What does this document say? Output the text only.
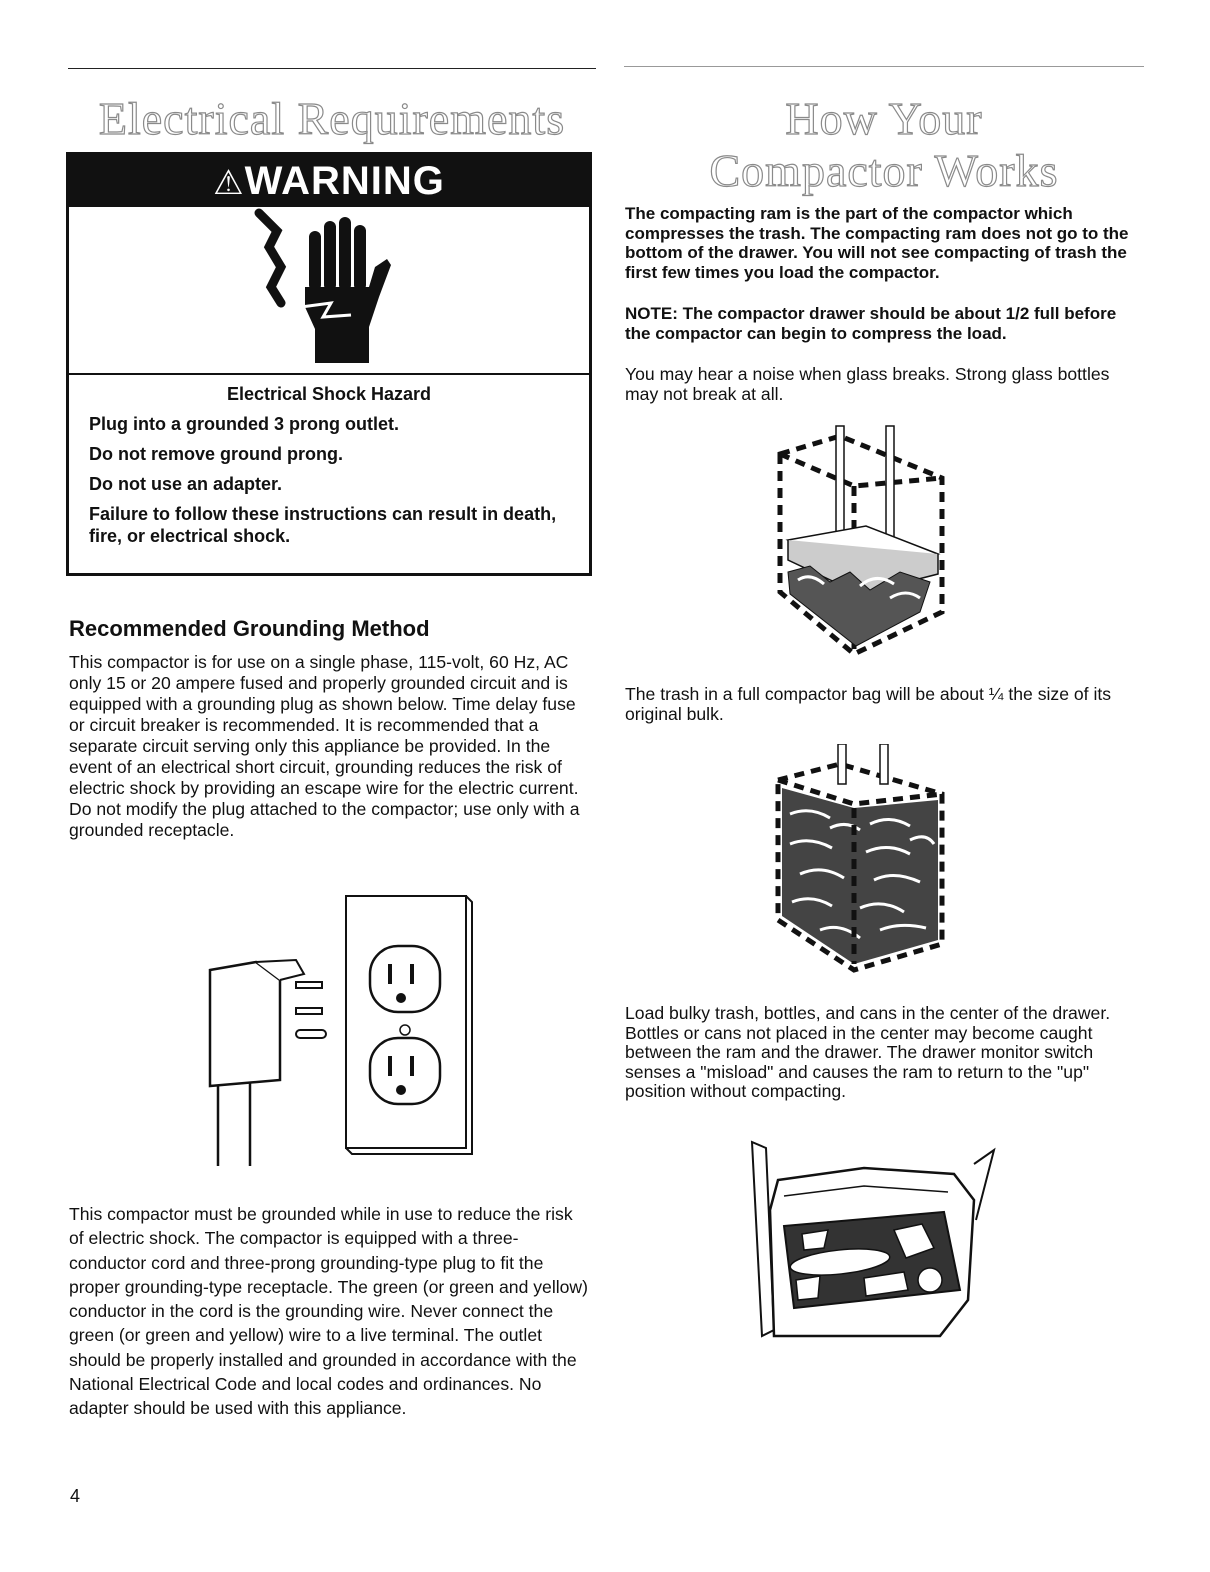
Electrical Requirements
⚠WARNING

Electrical Shock Hazard

Plug into a grounded 3 prong outlet.

Do not remove ground prong.

Do not use an adapter.

Failure to follow these instructions can result in death, fire, or electrical shock.

Recommended Grounding Method
This compactor is for use on a single phase, 115-volt, 60 Hz, AC only 15 or 20 ampere fused and properly grounded circuit and is equipped with a grounding plug as shown below. Time delay fuse or circuit breaker is recommended. It is recommended that a separate circuit serving only this appliance be provided. In the event of an electrical short circuit, grounding reduces the risk of electric shock by providing an escape wire for the electric current. Do not modify the plug attached to the compactor; use only with a grounded receptacle.
This compactor must be grounded while in use to reduce the risk of electric shock. The compactor is equipped with a three-conductor cord and three-prong grounding-type plug to fit the proper grounding-type receptacle. The green (or green and yellow) conductor in the cord is the grounding wire. Never connect the green (or green and yellow) wire to a live terminal. The outlet should be properly installed and grounded in accordance with the National Electrical Code and local codes and ordinances. No adapter should be used with this appliance.
4
How Your
Compactor Works
The compacting ram is the part of the compactor which compresses the trash. The compacting ram does not go to the bottom of the drawer. You will not see compacting of trash the first few times you load the compactor.
NOTE: The compactor drawer should be about 1/2 full before the compactor can begin to compress the load.
You may hear a noise when glass breaks. Strong glass bottles may not break at all.
The trash in a full compactor bag will be about ¼ the size of its original bulk.
Load bulky trash, bottles, and cans in the center of the drawer. Bottles or cans not placed in the center may become caught between the ram and the drawer. The drawer monitor switch senses a "misload" and causes the ram to return to the "up" position without compacting.
